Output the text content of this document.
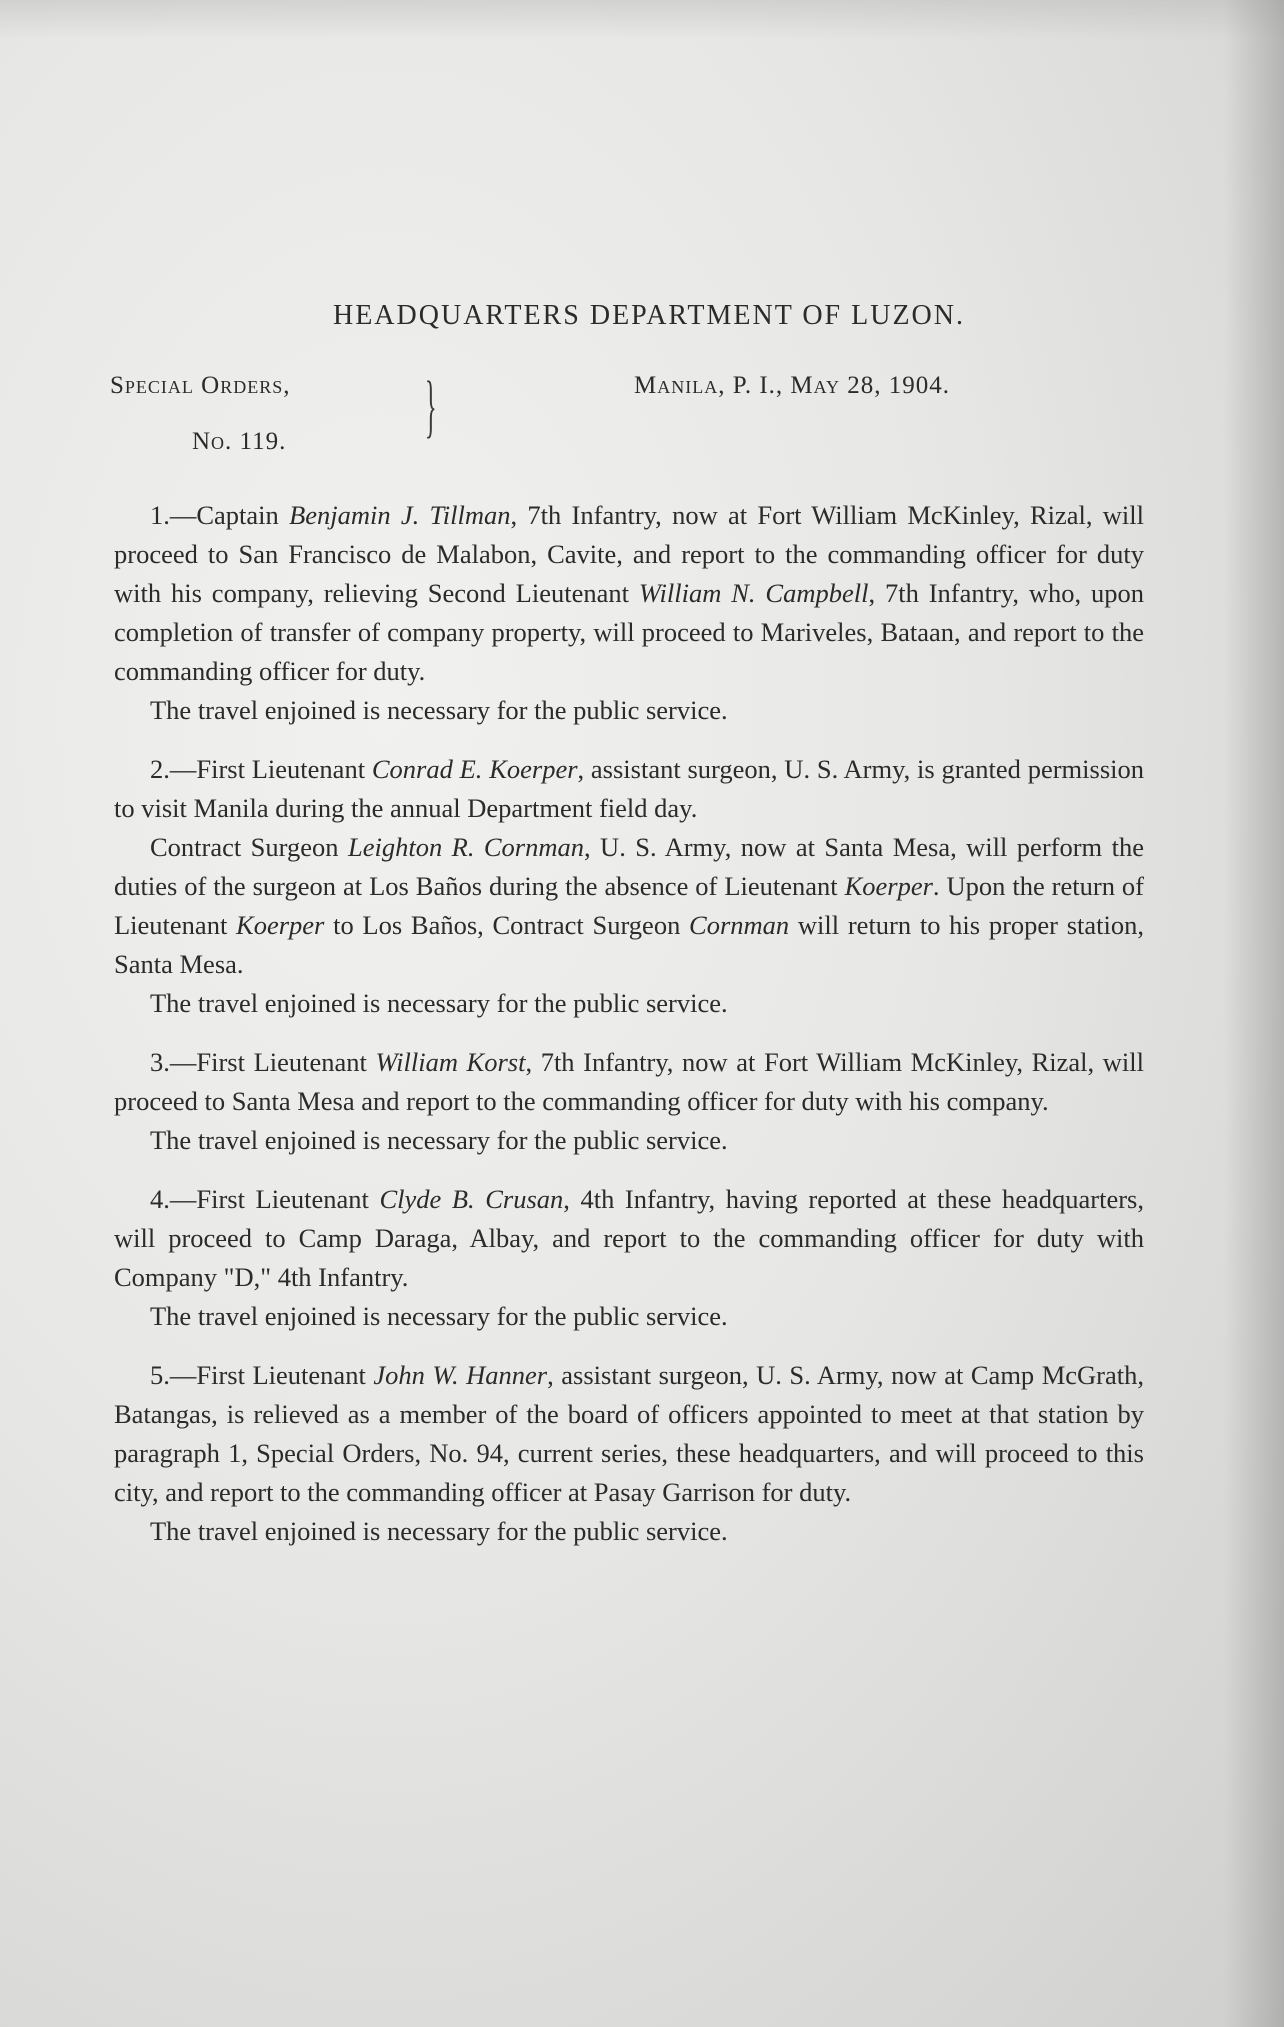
HEADQUARTERS DEPARTMENT OF LUZON.
Special Orders,
No. 119. }	Manila, P. I., May 28, 1904.

1.—Captain Benjamin J. Tillman, 7th Infantry, now at Fort William McKinley, Rizal, will proceed to San Francisco de Malabon, Cavite, and report to the commanding officer for duty with his company, relieving Second Lieutenant William N. Campbell, 7th Infantry, who, upon completion of transfer of company property, will proceed to Mariveles, Bataan, and report to the commanding officer for duty.

The travel enjoined is necessary for the public service.

2.—First Lieutenant Conrad E. Koerper, assistant surgeon, U. S. Army, is granted permission to visit Manila during the annual Department field day.

Contract Surgeon Leighton R. Cornman, U. S. Army, now at Santa Mesa, will perform the duties of the surgeon at Los Baños during the absence of Lieutenant Koerper. Upon the return of Lieutenant Koerper to Los Baños, Contract Surgeon Cornman will return to his proper station, Santa Mesa.

The travel enjoined is necessary for the public service.

3.—First Lieutenant William Korst, 7th Infantry, now at Fort William McKinley, Rizal, will proceed to Santa Mesa and report to the commanding officer for duty with his company.

The travel enjoined is necessary for the public service.

4.—First Lieutenant Clyde B. Crusan, 4th Infantry, having reported at these headquarters, will proceed to Camp Daraga, Albay, and report to the commanding officer for duty with Company "D," 4th Infantry.

The travel enjoined is necessary for the public service.

5.—First Lieutenant John W. Hanner, assistant surgeon, U. S. Army, now at Camp McGrath, Batangas, is relieved as a member of the board of officers appointed to meet at that station by paragraph 1, Special Orders, No. 94, current series, these headquarters, and will proceed to this city, and report to the commanding officer at Pasay Garrison for duty.

The travel enjoined is necessary for the public service.
